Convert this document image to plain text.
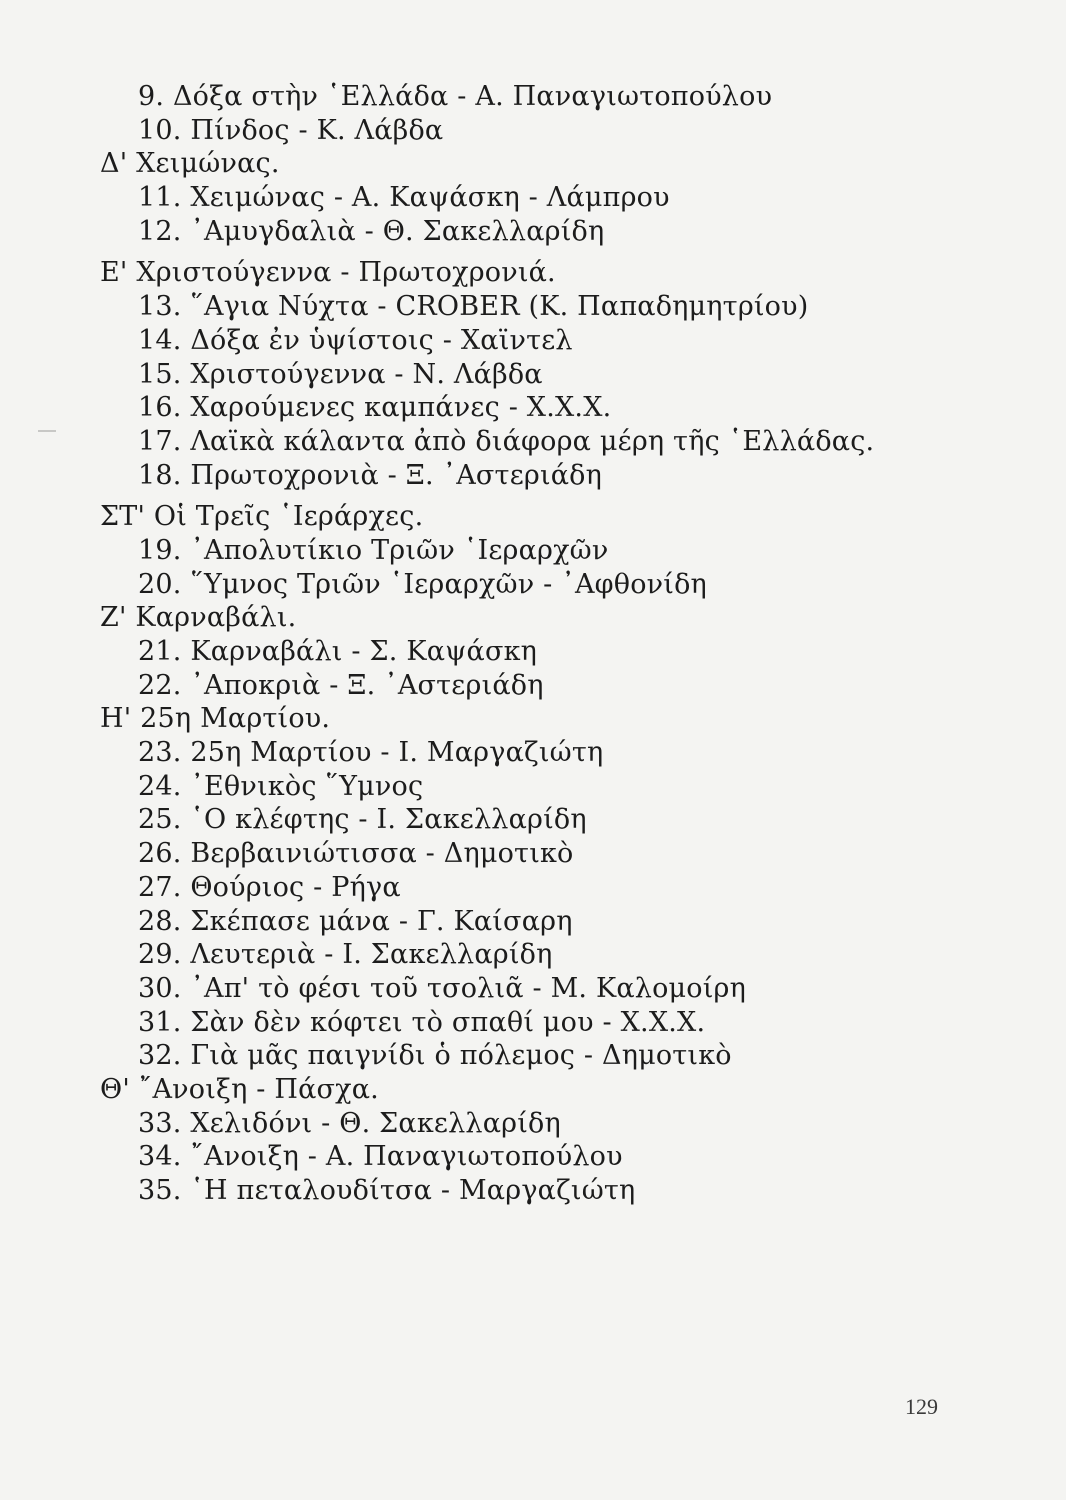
9. Δόξα στὴν ῾Ελλάδα - Α. Παναγιωτοπούλου
10. Πίνδος - Κ. Λάβδα
Δ' Χειμώνας.
11. Χειμώνας - Α. Καψάσκη - Λάμπρου
12. ᾿Αμυγδαλιὰ - Θ. Σακελλαρίδη
Ε' Χριστούγεννα - Πρωτοχρονιά.
13. ῞Αγια Νύχτα - CROBER (Κ. Παπαδημητρίου)
14. Δόξα ἐν ὑψίστοις - Χαϊντελ
15. Χριστούγεννα - Ν. Λάβδα
16. Χαρούμενες καμπάνες - Χ.Χ.Χ.
17. Λαϊκὰ κάλαντα ἀπὸ διάφορα μέρη τῆς ῾Ελλάδας.
18. Πρωτοχρονιὰ - Ξ. ᾿Αστεριάδη
ΣΤ' Οἱ Τρεῖς ῾Ιεράρχες.
19. ᾿Απολυτίκιο Τριῶν ῾Ιεραρχῶν
20. ῞Υμνος Τριῶν ῾Ιεραρχῶν - ᾿Αφθονίδη
Ζ' Καρναβάλι.
21. Καρναβάλι - Σ. Καψάσκη
22. ᾿Αποκριὰ - Ξ. ᾿Αστεριάδη
Η' 25η Μαρτίου.
23. 25η Μαρτίου - Ι. Μαργαζιώτη
24. ᾿Εθνικὸς ῞Υμνος
25. ῾Ο κλέφτης - Ι. Σακελλαρίδη
26. Βερβαινιώτισσα - Δημοτικὸ
27. Θούριος - Ρήγα
28. Σκέπασε μάνα - Γ. Καίσαρη
29. Λευτεριὰ - Ι. Σακελλαρίδη
30. ᾿Απ' τὸ φέσι τοῦ τσολιᾶ - Μ. Καλομοίρη
31. Σὰν δὲν κόφτει τὸ σπαθί μου - Χ.Χ.Χ.
32. Γιὰ μᾶς παιγνίδι ὁ πόλεμος - Δημοτικὸ
Θ' ῎Ανοιξη - Πάσχα.
33. Χελιδόνι - Θ. Σακελλαρίδη
34. ῎Ανοιξη - Α. Παναγιωτοπούλου
35. ῾Η πεταλουδίτσα - Μαργαζιώτη
129
